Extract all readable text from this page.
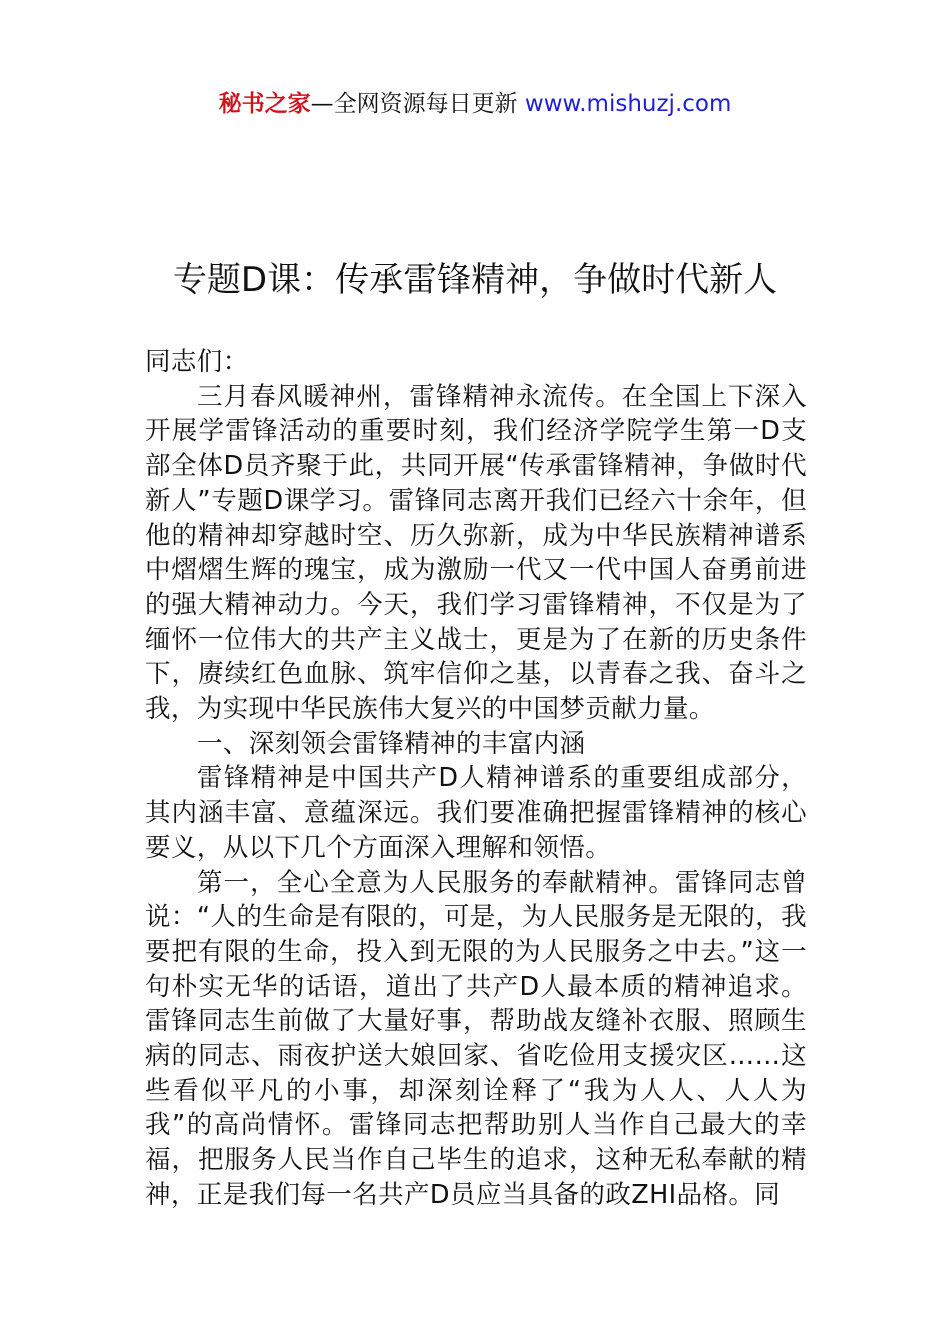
秘书之家—全网资源每日更新 www.mishuzj.com
专题D课：传承雷锋精神，争做时代新人

同志们：

三月春风暖神州，雷锋精神永流传。在全国上下深入开展学雷锋活动的重要时刻，我们经济学院学生第一D支部全体D员齐聚于此，共同开展“传承雷锋精神，争做时代新人”专题D课学习。雷锋同志离开我们已经六十余年，但他的精神却穿越时空、历久弥新，成为中华民族精神谱系中熠熠生辉的瑰宝，成为激励一代又一代中国人奋勇前进的强大精神动力。今天，我们学习雷锋精神，不仅是为了缅怀一位伟大的共产主义战士，更是为了在新的历史条件下，赓续红色血脉、筑牢信仰之基，以青春之我、奋斗之我，为实现中华民族伟大复兴的中国梦贡献力量。

一、深刻领会雷锋精神的丰富内涵

雷锋精神是中国共产D人精神谱系的重要组成部分，其内涵丰富、意蕴深远。我们要准确把握雷锋精神的核心要义，从以下几个方面深入理解和领悟。

第一，全心全意为人民服务的奉献精神。雷锋同志曾说：“人的生命是有限的，可是，为人民服务是无限的，我要把有限的生命，投入到无限的为人民服务之中去。”这一句朴实无华的话语，道出了共产D人最本质的精神追求。雷锋同志生前做了大量好事，帮助战友缝补衣服、照顾生病的同志、雨夜护送大娘回家、省吃俭用支援灾区……这些看似平凡的小事，却深刻诠释了“我为人人、人人为我”的高尚情怀。雷锋同志把帮助别人当作自己最大的幸福，把服务人民当作自己毕生的追求，这种无私奉献的精神，正是我们每一名共产D员应当具备的政ZHI品格。同
